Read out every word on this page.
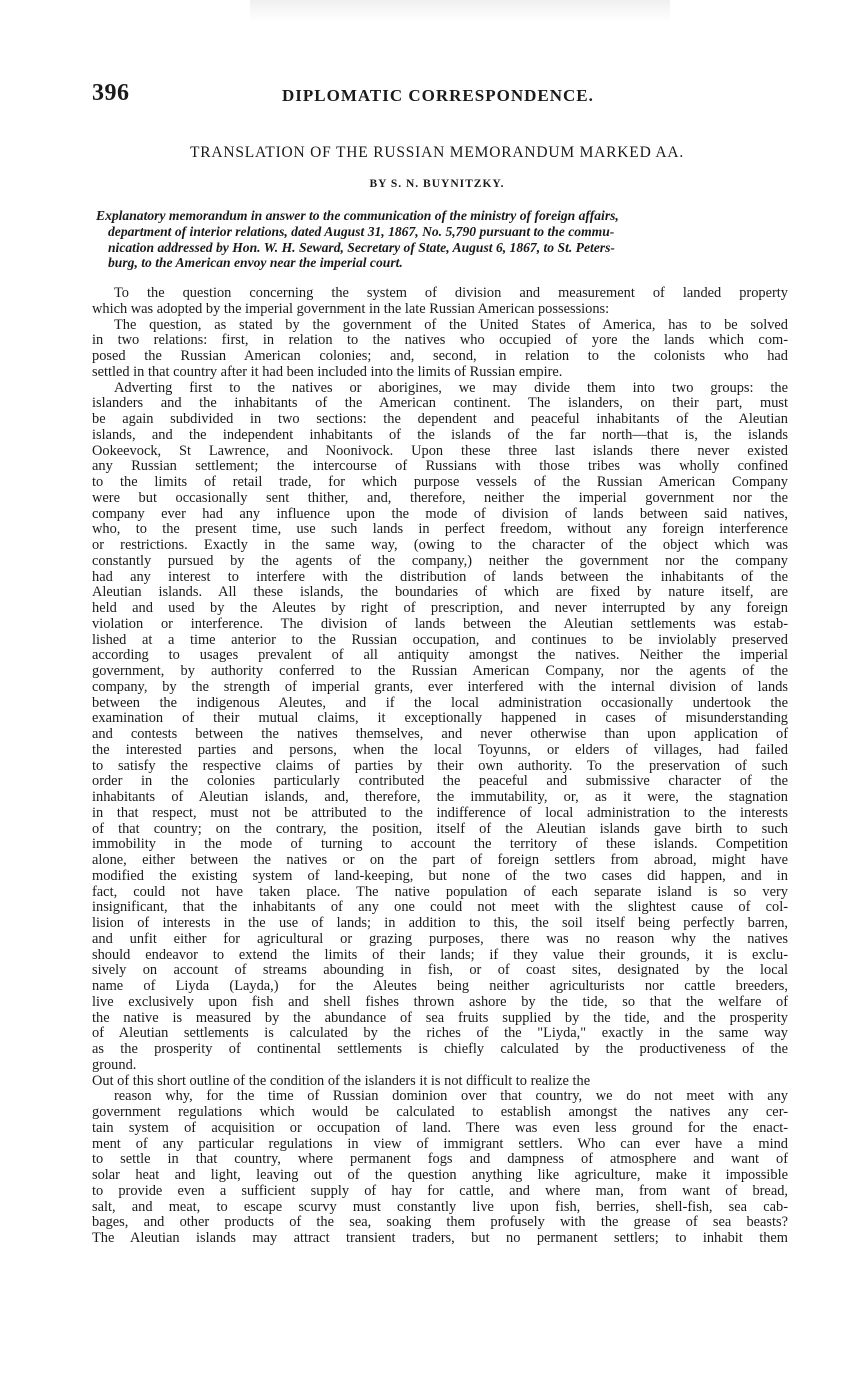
396	DIPLOMATIC CORRESPONDENCE.
TRANSLATION OF THE RUSSIAN MEMORANDUM MARKED AA.
BY S. N. BUYNITZKY.
Explanatory memorandum in answer to the communication of the ministry of foreign affairs,
department of interior relations, dated August 31, 1867, No. 5,790 pursuant to the commu-
nication addressed by Hon. W. H. Seward, Secretary of State, August 6, 1867, to St. Peters-
burg, to the American envoy near the imperial court.
To the question concerning the system of division and measurement of landed property
which was adopted by the imperial government in the late Russian American possessions:
The question, as stated by the government of the United States of America, has to be solved
in two relations: first, in relation to the natives who occupied of yore the lands which com-
posed the Russian American colonies; and, second, in relation to the colonists who had
settled in that country after it had been included into the limits of Russian empire.
Adverting first to the natives or aborigines, we may divide them into two groups: the
islanders and the inhabitants of the American continent. The islanders, on their part, must
be again subdivided in two sections: the dependent and peaceful inhabitants of the Aleutian
islands, and the independent inhabitants of the islands of the far north—that is, the islands
Ookeevock, St Lawrence, and Noonivock. Upon these three last islands there never existed
any Russian settlement; the intercourse of Russians with those tribes was wholly confined
to the limits of retail trade, for which purpose vessels of the Russian American Company
were but occasionally sent thither, and, therefore, neither the imperial government nor the
company ever had any influence upon the mode of division of lands between said natives,
who, to the present time, use such lands in perfect freedom, without any foreign interference
or restrictions. Exactly in the same way, (owing to the character of the object which was
constantly pursued by the agents of the company,) neither the government nor the company
had any interest to interfere with the distribution of lands between the inhabitants of the
Aleutian islands. All these islands, the boundaries of which are fixed by nature itself, are
held and used by the Aleutes by right of prescription, and never interrupted by any foreign
violation or interference. The division of lands between the Aleutian settlements was estab-
lished at a time anterior to the Russian occupation, and continues to be inviolably preserved
according to usages prevalent of all antiquity amongst the natives. Neither the imperial
government, by authority conferred to the Russian American Company, nor the agents of the
company, by the strength of imperial grants, ever interfered with the internal division of lands
between the indigenous Aleutes, and if the local administration occasionally undertook the
examination of their mutual claims, it exceptionally happened in cases of misunderstanding
and contests between the natives themselves, and never otherwise than upon application of
the interested parties and persons, when the local Toyunns, or elders of villages, had failed
to satisfy the respective claims of parties by their own authority. To the preservation of such
order in the colonies particularly contributed the peaceful and submissive character of the
inhabitants of Aleutian islands, and, therefore, the immutability, or, as it were, the stagnation
in that respect, must not be attributed to the indifference of local administration to the interests
of that country; on the contrary, the position, itself of the Aleutian islands gave birth to such
immobility in the mode of turning to account the territory of these islands. Competition
alone, either between the natives or on the part of foreign settlers from abroad, might have
modified the existing system of land-keeping, but none of the two cases did happen, and in
fact, could not have taken place. The native population of each separate island is so very
insignificant, that the inhabitants of any one could not meet with the slightest cause of col-
lision of interests in the use of lands; in addition to this, the soil itself being perfectly barren,
and unfit either for agricultural or grazing purposes, there was no reason why the natives
should endeavor to extend the limits of their lands; if they value their grounds, it is exclu-
sively on account of streams abounding in fish, or of coast sites, designated by the local
name of Liyda (Layda,) for the Aleutes being neither agriculturists nor cattle breeders,
live exclusively upon fish and shell fishes thrown ashore by the tide, so that the welfare of
the native is measured by the abundance of sea fruits supplied by the tide, and the prosperity
of Aleutian settlements is calculated by the riches of the "Liyda," exactly in the same way
as the prosperity of continental settlements is chiefly calculated by the productiveness of the
ground.
Out of this short outline of the condition of the islanders it is not difficult to realize the
reason why, for the time of Russian dominion over that country, we do not meet with any
government regulations which would be calculated to establish amongst the natives any cer-
tain system of acquisition or occupation of land. There was even less ground for the enact-
ment of any particular regulations in view of immigrant settlers. Who can ever have a mind
to settle in that country, where permanent fogs and dampness of atmosphere and want of
solar heat and light, leaving out of the question anything like agriculture, make it impossible
to provide even a sufficient supply of hay for cattle, and where man, from want of bread,
salt, and meat, to escape scurvy must constantly live upon fish, berries, shell-fish, sea cab-
bages, and other products of the sea, soaking them profusely with the grease of sea beasts?
The Aleutian islands may attract transient traders, but no permanent settlers; to inhabit them
